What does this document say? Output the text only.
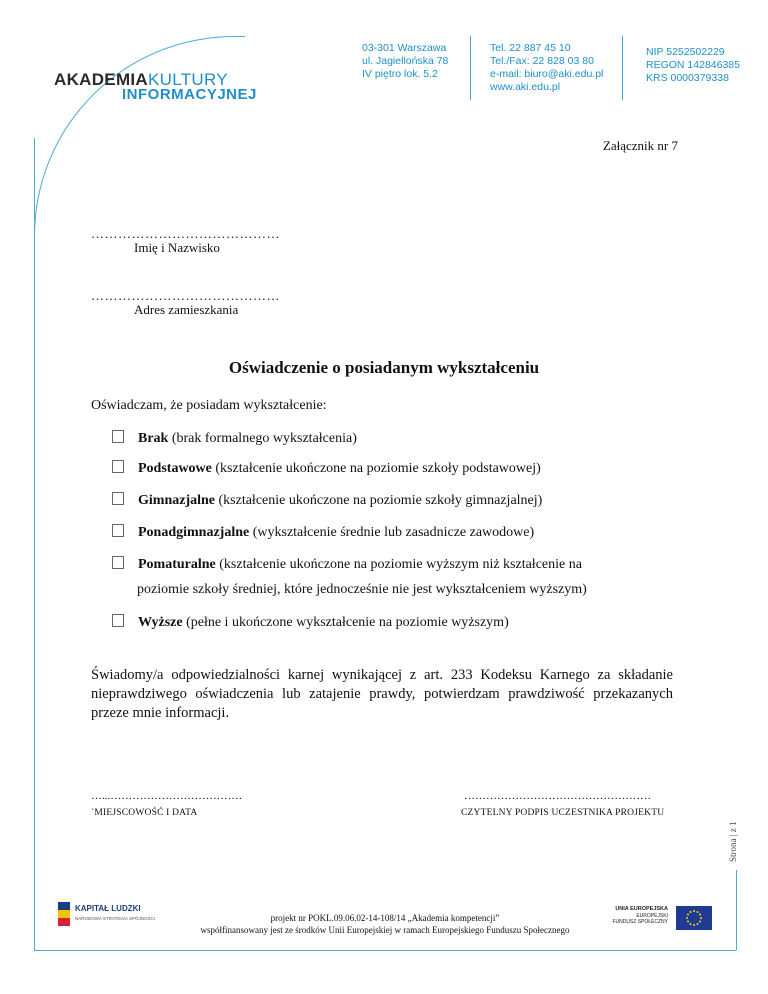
AKADEMIAKULTURY
INFORMACYJNEJ
03-301 Warszawa
ul. Jagiellońska 78
IV piętro lok. 5.2
Tel. 22 887 45 10
Tel./Fax: 22 828 03 80
e-mail: biuro@aki.edu.pl
www.aki.edu.pl
NIP 5252502229
REGON 142846385
KRS 0000379338
Załącznik nr 7
……………………………………
Imię i Nazwisko
……………………………………
Adres zamieszkania
Oświadczenie o posiadanym wykształceniu
Oświadczam, że posiadam wykształcenie:
Brak (brak formalnego wykształcenia)
Podstawowe (kształcenie ukończone na poziomie szkoły podstawowej)
Gimnazjalne (kształcenie ukończone na poziomie szkoły gimnazjalnej)
Ponadgimnazjalne (wykształcenie średnie lub zasadnicze zawodowe)
Pomaturalne (kształcenie ukończone na poziomie wyższym niż kształcenie na
poziomie szkoły średniej, które jednocześnie nie jest wykształceniem wyższym)
Wyższe (pełne i ukończone wykształcenie na poziomie wyższym)
Świadomy/a odpowiedzialności karnej wynikającej z art. 233 Kodeksu Karnego za składanie nieprawdziwego oświadczenia lub zatajenie prawdy, potwierdzam prawdziwość przekazanych przeze mnie informacji.
…...………………………………
`MIEJSCOWOŚĆ I DATA
……………………………………………
CZYTELNY PODPIS UCZESTNIKA PROJEKTU
KAPITAŁ LUDZKI
NARODOWA STRATEGIA SPÓJNOŚCI	projekt nr POKL.09.06.02-14-108/14 „Akademia kompetencji”
współfinansowany jest ze środków Unii Europejskiej w ramach Europejskiego Funduszu Społecznego
UNIA EUROPEJSKA
EUROPEJSKI
FUNDUSZ SPOŁECZNY
Strona | z 1
